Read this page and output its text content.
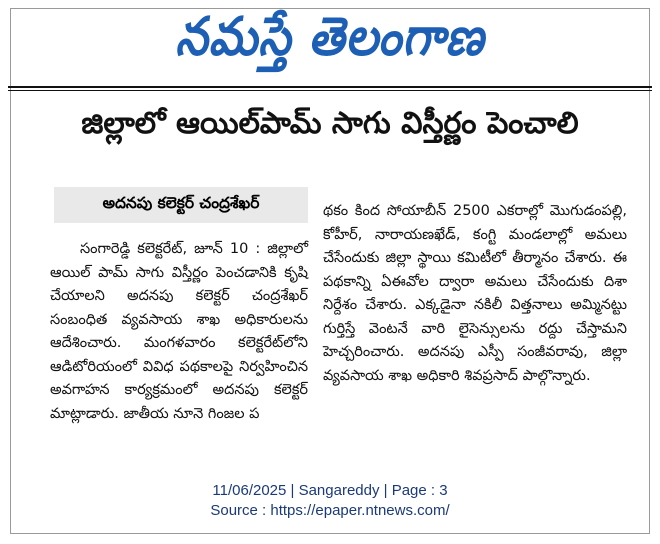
నమస్తే తెలంగాణ
జిల్లాలో ఆయిల్‌పామ్‌ సాగు విస్తీర్ణం పెంచాలి
అదనపు కలెక్టర్‌ చంద్రశేఖర్‌
సంగారెడ్డి కలెక్టరేట్‌, జూన్‌ 10 : జిల్లాలో ఆయిల్‌ పామ్‌ సాగు విస్తీర్ణం పెంచడానికి కృషి చేయాలని అదనపు కలెక్టర్‌ చంద్రశేఖర్‌ సంబంధిత వ్యవసాయ శాఖ అధికారులను ఆదేశించారు. మంగళవారం కలెక్టరేట్‌లోని ఆడిటోరియంలో వివిధ పథకాలపై నిర్వహించిన అవగాహన కార్యక్రమంలో అదనపు కలెక్టర్‌ మాట్లాడారు. జాతీయ నూనె గింజల ప
థకం కింద సోయాబీన్‌ 2500 ఎకరాల్లో మొగుడంపల్లి, కోహీర్‌, నారాయణఖేడ్‌, కంగ్టి మండలాల్లో అమలు చేసేందుకు జిల్లా స్థాయి కమిటీలో తీర్మానం చేశారు. ఈ పథకాన్ని ఏఈవోల ద్వారా అమలు చేసేందుకు దిశా నిర్దేశం చేశారు. ఎక్కడైనా నకిలీ విత్తనాలు అమ్మినట్టు గుర్తిస్తే వెంటనే వారి లైసెన్సులను రద్దు చేస్తామని హెచ్చరించారు. అదనపు ఎస్పీ సంజీవరావు, జిల్లా వ్యవసాయ శాఖ అధికారి శివప్రసాద్‌ పాల్గొన్నారు.
11/06/2025 | Sangareddy | Page : 3
Source : https://epaper.ntnews.com/
